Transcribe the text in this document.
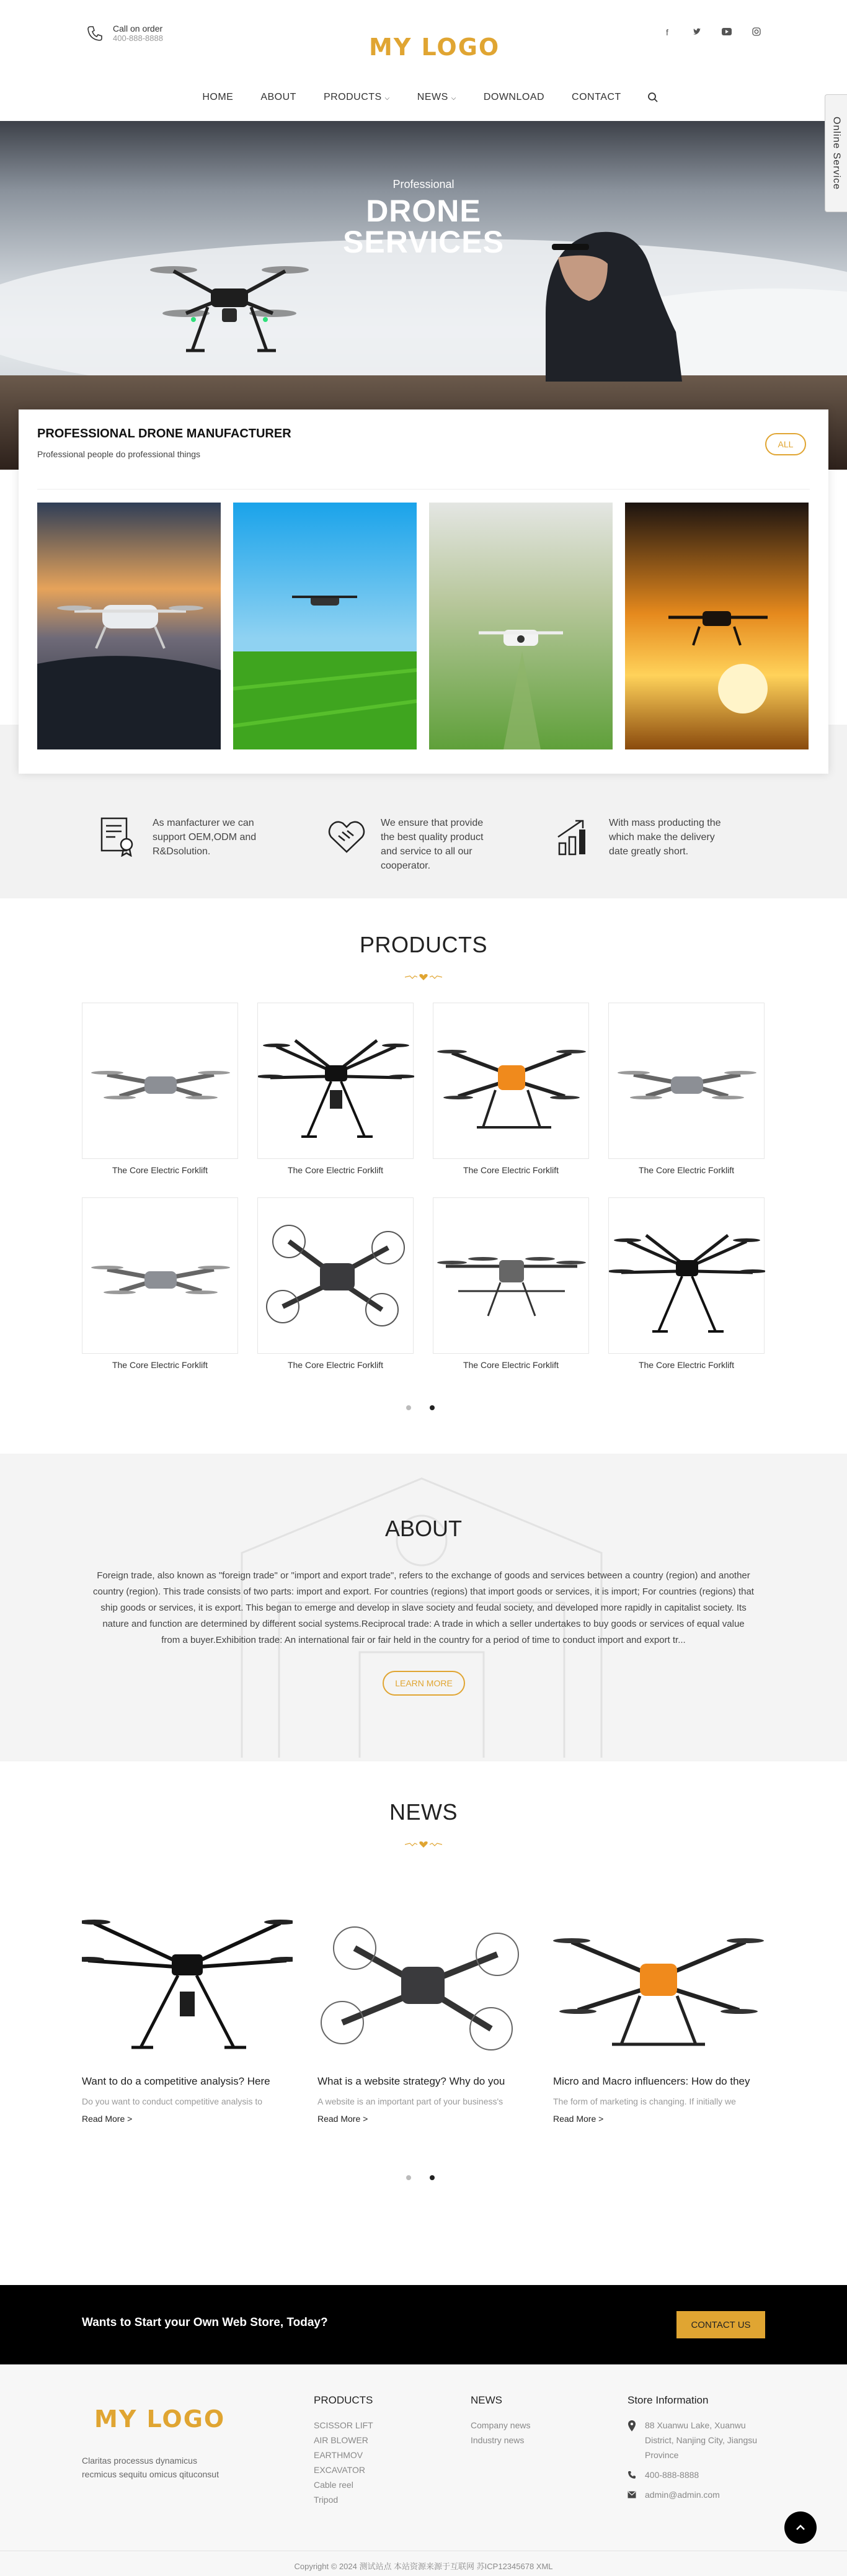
Call on order
400-888-8888	MY LOGO
f
HOME	ABOUT	PRODUCTS ⌵	NEWS ⌵	DOWNLOAD	CONTACT
Professional
DRONE
SERVICES
Online Service
PROFESSIONAL DRONE MANUFACTURER
Professional people do professional things
ALL
As manfacturer we can support OEM,ODM and R&Dsolution.
We ensure that provide the best quality product and service to all our cooperator.
With mass producting the which make the delivery date greatly short.
PRODUCTS
The Core Electric Forklift	The Core Electric Forklift	The Core Electric Forklift	The Core Electric Forklift
The Core Electric Forklift	The Core Electric Forklift	The Core Electric Forklift	The Core Electric Forklift
ABOUT
Foreign trade, also known as "foreign trade" or "import and export trade", refers to the exchange of goods and services between a country (region) and another country (region). This trade consists of two parts: import and export. For countries (regions) that import goods or services, it is import; For countries (regions) that ship goods or services, it is export. This began to emerge and develop in slave society and feudal society, and developed more rapidly in capitalist society. Its nature and function are determined by different social systems.Reciprocal trade: A trade in which a seller undertakes to buy goods or services of equal value from a buyer.Exhibition trade: An international fair or fair held in the country for a period of time to conduct import and export tr...
LEARN MORE
NEWS
Want to do a competitive analysis? Here
Do you want to conduct competitive analysis to
Read More >
What is a website strategy? Why do you
A website is an important part of your business's
Read More >
Micro and Macro influencers: How do they
The form of marketing is changing. If initially we
Read More >
Wants to Start your Own Web Store, Today?	CONTACT US
MY LOGO
Claritas processus dynamicus recmicus sequitu omicus qituconsut
PRODUCTS
SCISSOR LIFT
AIR BLOWER
EARTHMOV
EXCAVATOR
Cable reel
Tripod
NEWS
Company news
Industry news
Store Information
88 Xuanwu Lake, Xuanwu District, Nanjing City, Jiangsu Province
400-888-8888
admin@admin.com
Copyright © 2024 测试站点 本站资源来源于互联网 苏ICP12345678 XML
